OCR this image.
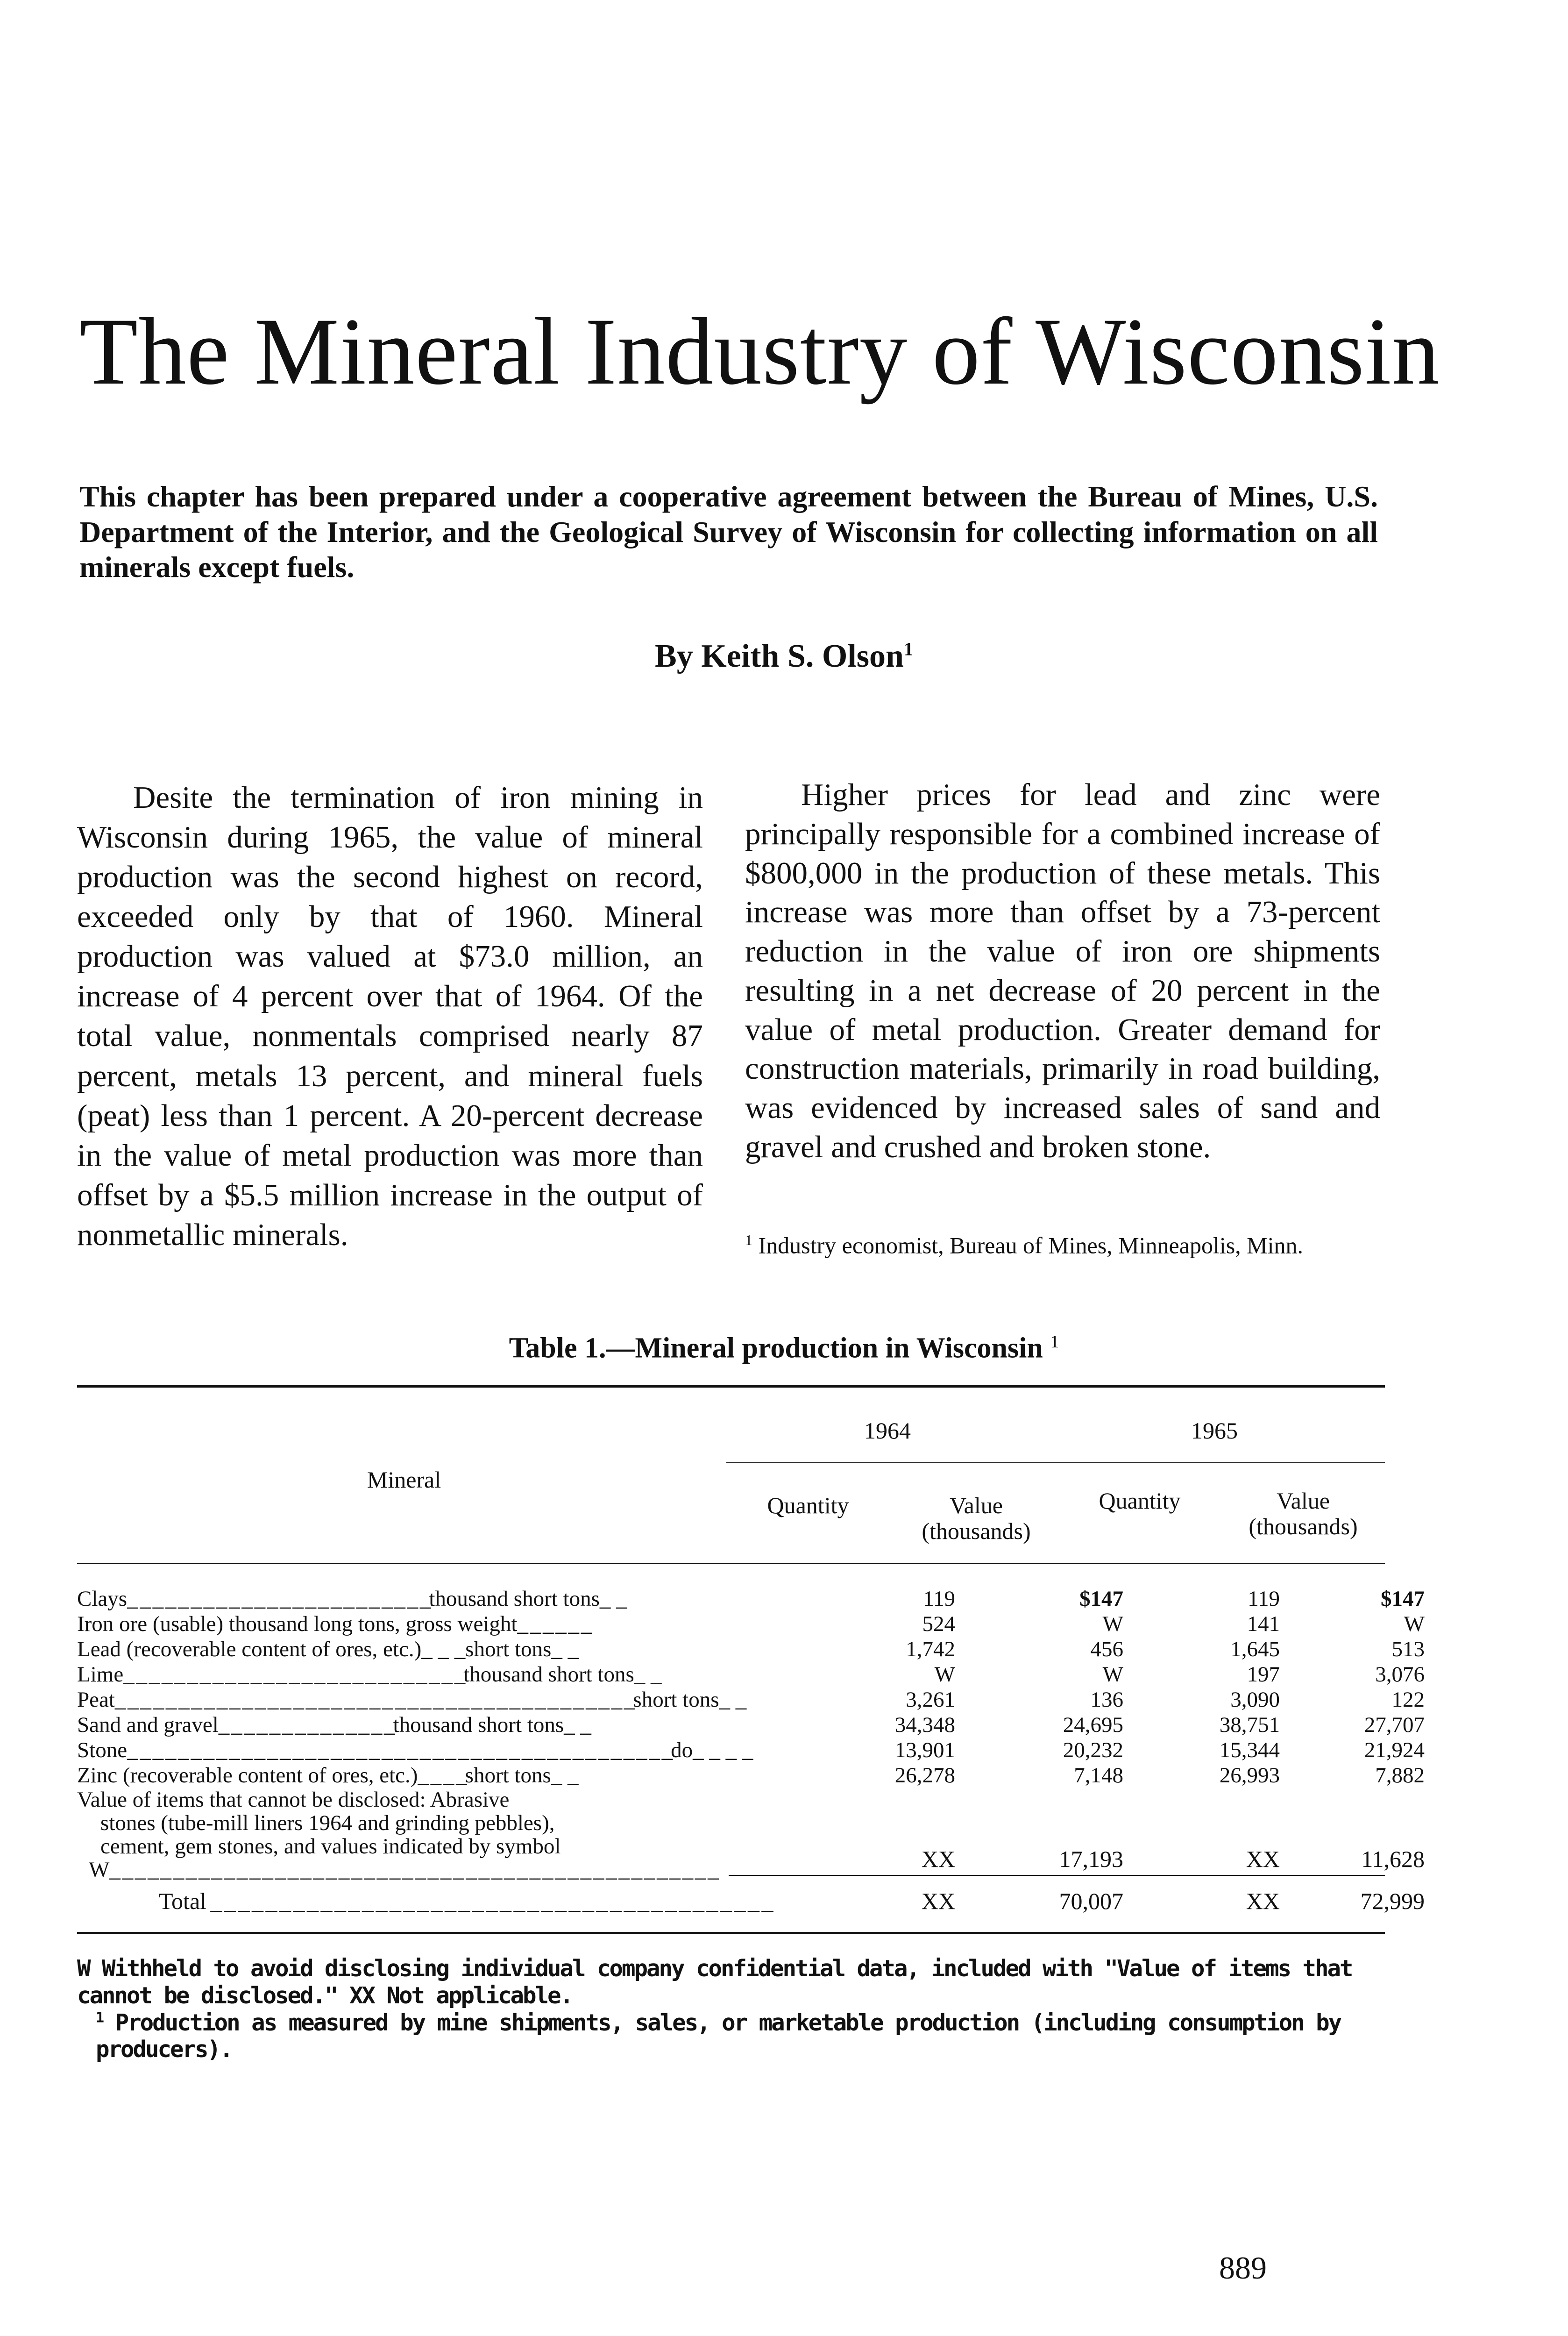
The Mineral Industry of Wisconsin
This chapter has been prepared under a cooperative agreement between the Bureau of Mines, U.S. Department of the Interior, and the Geological Survey of Wisconsin for collecting information on all minerals except fuels.
By Keith S. Olson$^1$

Desite the termination of iron mining in Wisconsin during 1965, the value of mineral production was the second highest on record, exceeded only by that of 1960. Mineral production was valued at $73.0 million, an increase of 4 percent over that of 1964. Of the total value, nonmentals comprised nearly 87 percent, metals 13 percent, and mineral fuels (peat) less than 1 percent. A 20-percent decrease in the value of metal production was more than offset by a $5.5 million increase in the output of nonmetallic minerals.

Higher prices for lead and zinc were principally responsible for a combined increase of $800,000 in the production of these metals. This increase was more than offset by a 73-percent reduction in the value of iron ore shipments resulting in a net decrease of 20 percent in the value of metal production. Greater demand for construction materials, primarily in road building, was evidenced by increased sales of sand and gravel and crushed and broken stone.

$^1$ Industry economist, Bureau of Mines, Minneapolis, Minn.
Table 1.—Mineral production in Wisconsin $^1$
Mineral
1964	1965
Quantity	Value
(thousands)
Quantity	Value
(thousands)
Clays_ _ _ _ _ _ _ _ _ _ _ _ _ _ _ _ _ _ _ _ _ _ _ _thousand short tons_ _	119	$147	119	$147
Iron ore (usable) thousand long tons, gross weight_ _ _ _ _ _	524	W	141	W
Lead (recoverable content of ores, etc.)_ _ _short tons_ _	1,742	456	1,645	513
Lime_ _ _ _ _ _ _ _ _ _ _ _ _ _ _ _ _ _ _ _ _ _ _ _ _ _ _thousand short tons_ _	W	W	197	3,076
Peat_ _ _ _ _ _ _ _ _ _ _ _ _ _ _ _ _ _ _ _ _ _ _ _ _ _ _ _ _ _ _ _ _ _ _ _ _ _ _ _ _short tons_ _	3,261	136	3,090	122
Sand and gravel_ _ _ _ _ _ _ _ _ _ _ _ _ _thousand short tons_ _	34,348	24,695	38,751	27,707
Stone_ _ _ _ _ _ _ _ _ _ _ _ _ _ _ _ _ _ _ _ _ _ _ _ _ _ _ _ _ _ _ _ _ _ _ _ _ _ _ _ _ _ _do_ _ _ _	13,901	20,232	15,344	21,924
Zinc (recoverable content of ores, etc.)_ _ _ _short tons_ _	26,278	7,148	26,993	7,882
Value of items that cannot be disclosed: Abrasive
stones (tube-mill liners 1964 and grinding pebbles),
cement, gem stones, and values indicated by symbol
W _ _ _	XX	17,193	XX	11,628
Total _ _ _	XX	70,007	XX	72,999

W Withheld to avoid disclosing individual company confidential data, included with "Value of items that cannot be disclosed." XX Not applicable.

$^1$ Production as measured by mine shipments, sales, or marketable production (including consumption by producers).

889
